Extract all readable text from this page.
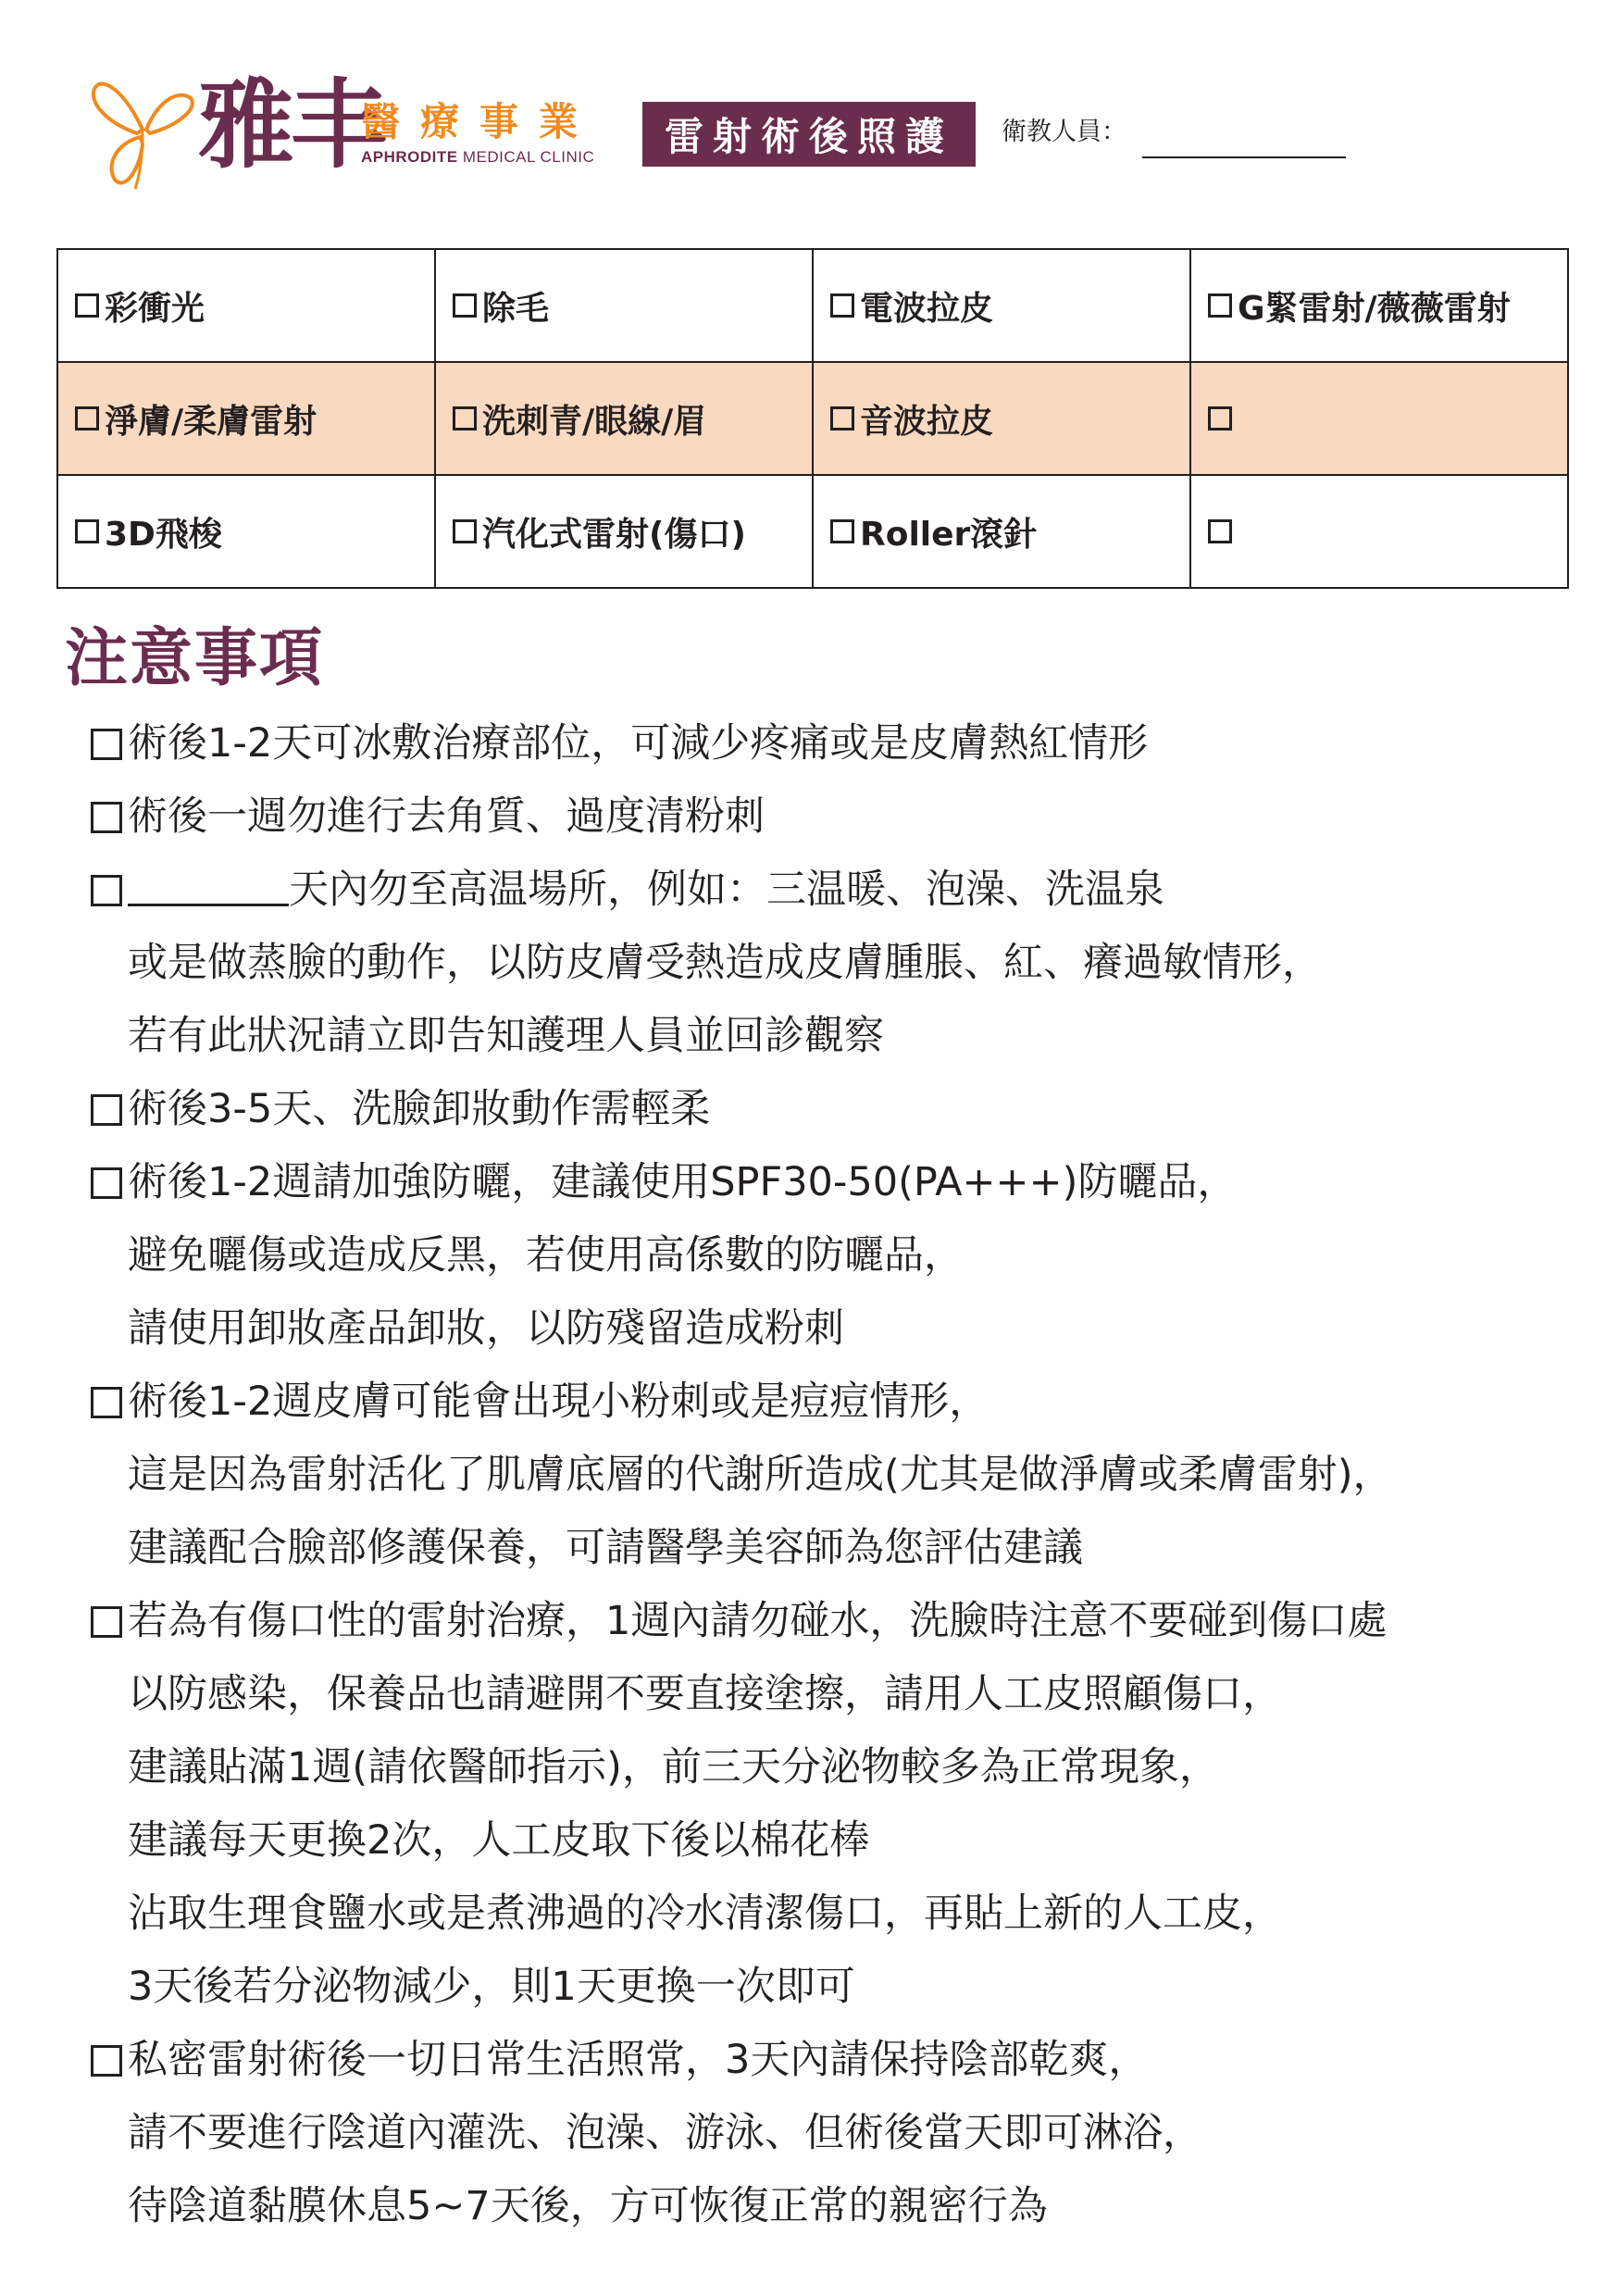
雅丰
醫療事業
APHRODITE MEDICAL CLINIC	雷射術後照護	衛教人員：
彩衝光	除毛	電波拉皮	G緊雷射/薇薇雷射
淨膚/柔膚雷射	洗刺青/眼線/眉	音波拉皮
3D飛梭	汽化式雷射(傷口)	Roller滾針
注意事項
術後1-2天可冰敷治療部位，可減少疼痛或是皮膚熱紅情形
術後一週勿進行去角質、過度清粉刺
天內勿至高温場所，例如：三温暖、泡澡、洗温泉
或是做蒸臉的動作，以防皮膚受熱造成皮膚腫脹、紅、癢過敏情形，
若有此狀況請立即告知護理人員並回診觀察
術後3-5天、洗臉卸妝動作需輕柔
術後1-2週請加強防曬，建議使用SPF30-50(PA+++)防曬品，
避免曬傷或造成反黑，若使用高係數的防曬品，
請使用卸妝產品卸妝，以防殘留造成粉刺
術後1-2週皮膚可能會出現小粉刺或是痘痘情形，
這是因為雷射活化了肌膚底層的代謝所造成(尤其是做淨膚或柔膚雷射)，
建議配合臉部修護保養，可請醫學美容師為您評估建議
若為有傷口性的雷射治療，1週內請勿碰水，洗臉時注意不要碰到傷口處
以防感染，保養品也請避開不要直接塗擦，請用人工皮照顧傷口，
建議貼滿1週(請依醫師指示)，前三天分泌物較多為正常現象，
建議每天更換2次，人工皮取下後以棉花棒
沾取生理食鹽水或是煮沸過的冷水清潔傷口，再貼上新的人工皮，
3天後若分泌物減少，則1天更換一次即可
私密雷射術後一切日常生活照常，3天內請保持陰部乾爽，
請不要進行陰道內灌洗、泡澡、游泳、但術後當天即可淋浴，
待陰道黏膜休息5~7天後，方可恢復正常的親密行為
